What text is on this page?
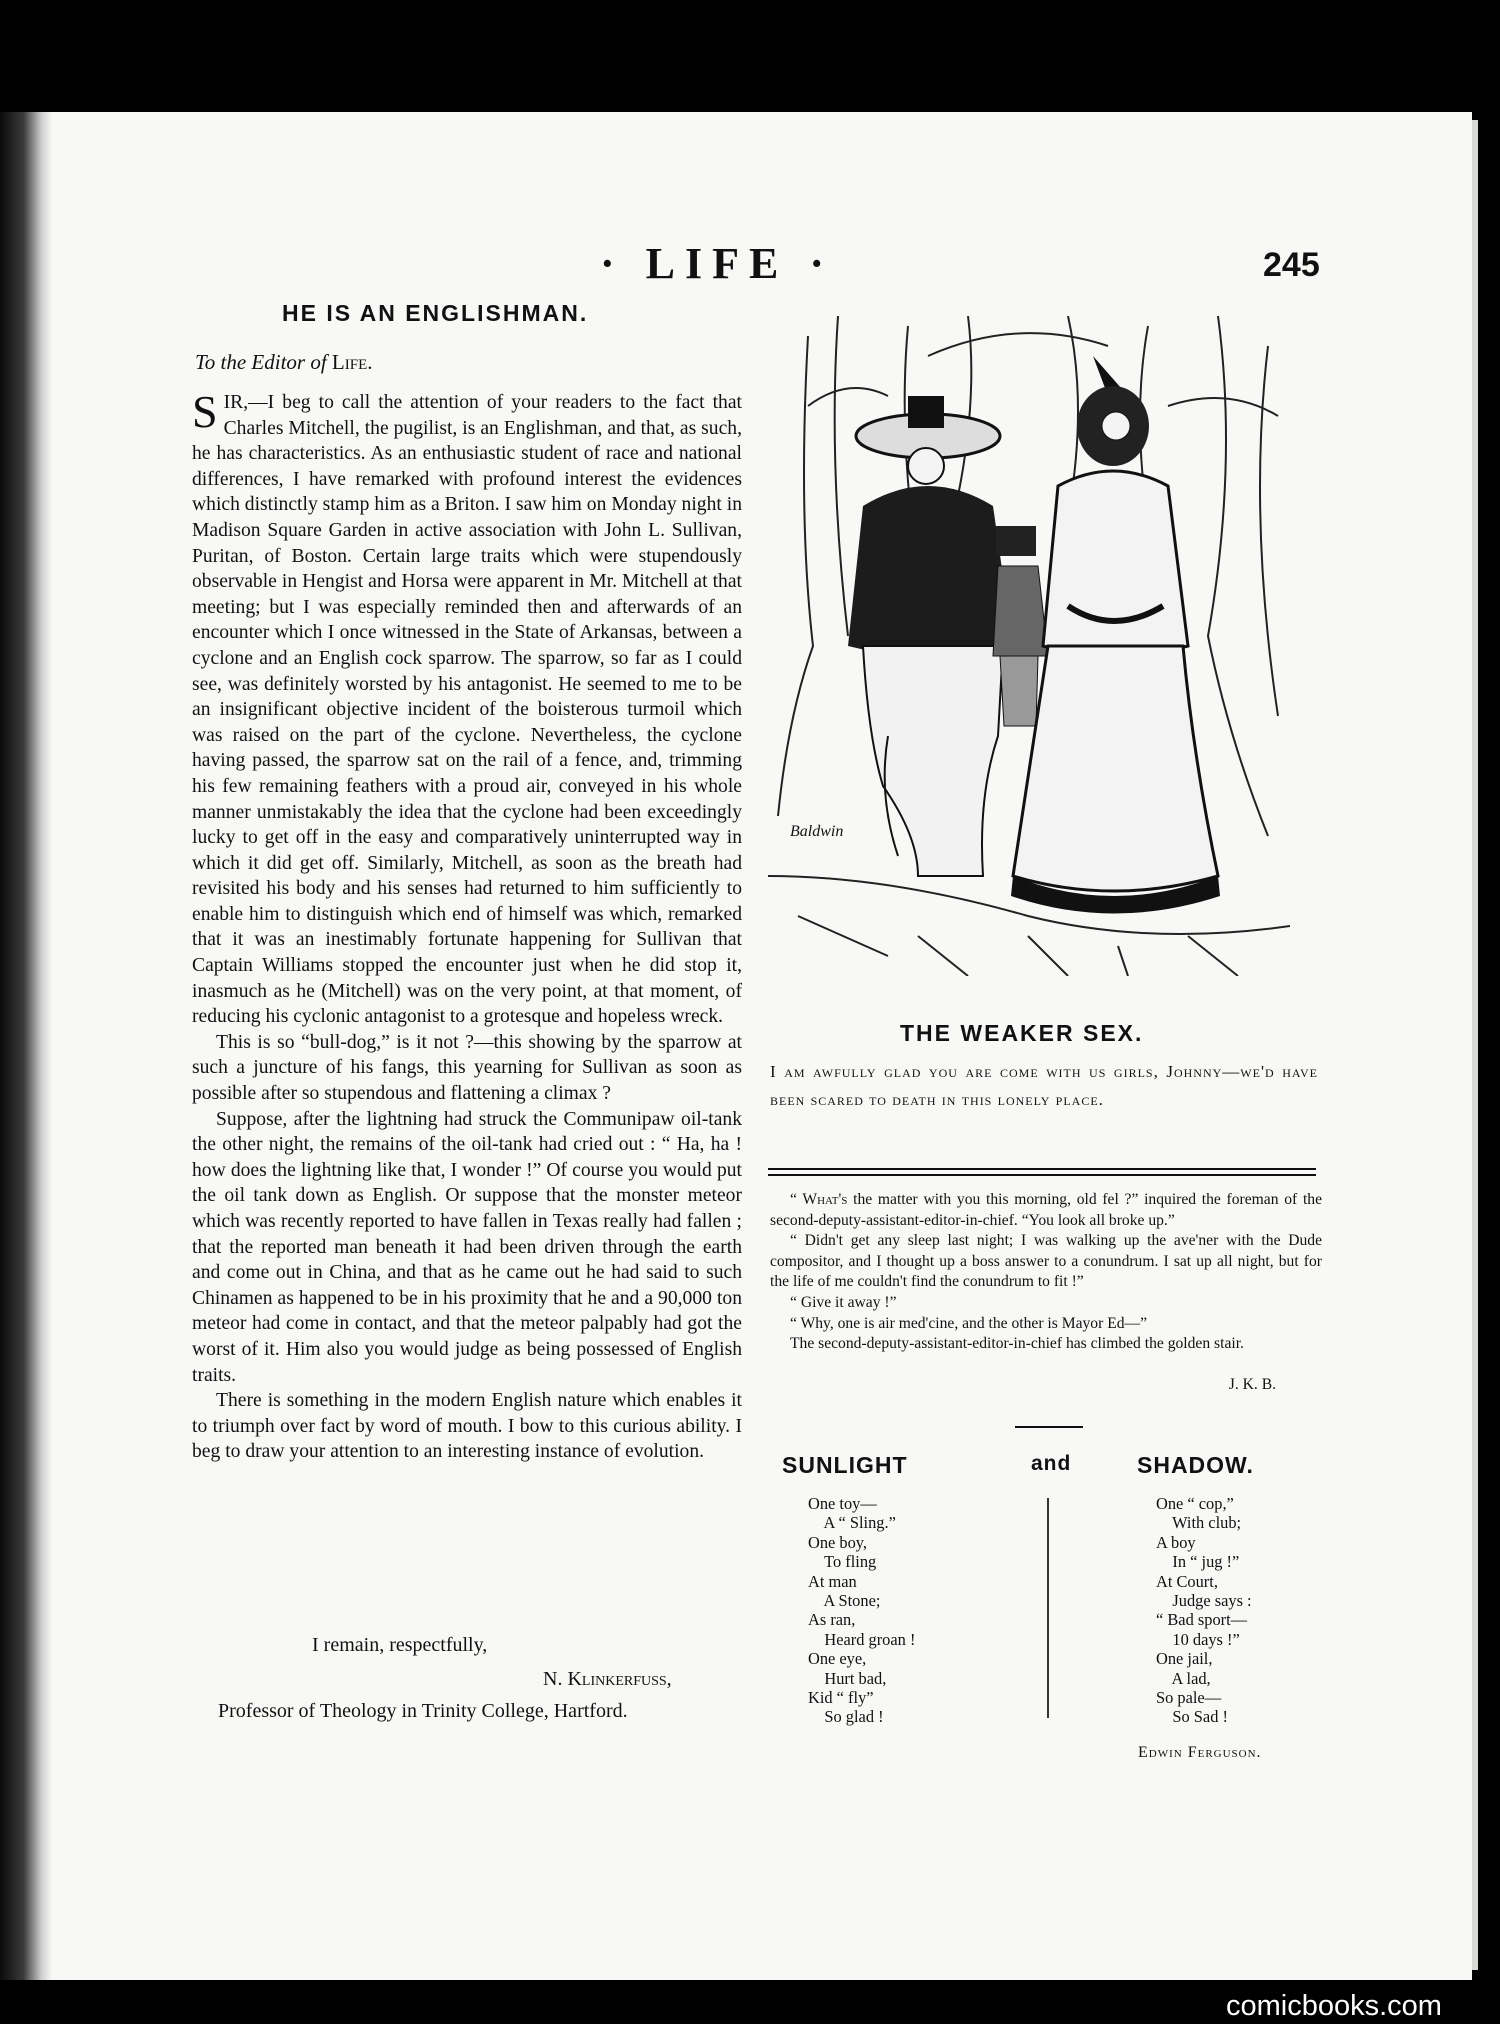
· LIFE ·	245
HE IS AN ENGLISHMAN.
To the Editor of Life.

SIR,—I beg to call the attention of your readers to the fact that Charles Mitchell, the pugilist, is an Englishman, and that, as such, he has characteristics. As an enthusiastic student of race and national differences, I have remarked with profound interest the evidences which distinctly stamp him as a Briton. I saw him on Monday night in Madison Square Garden in active association with John L. Sullivan, Puritan, of Boston. Certain large traits which were stupendously observable in Hengist and Horsa were apparent in Mr. Mitchell at that meeting; but I was especially reminded then and afterwards of an encounter which I once witnessed in the State of Arkansas, between a cyclone and an English cock sparrow. The sparrow, so far as I could see, was definitely worsted by his antagonist. He seemed to me to be an insignificant objective incident of the boisterous turmoil which was raised on the part of the cyclone. Nevertheless, the cyclone having passed, the sparrow sat on the rail of a fence, and, trimming his few remaining feathers with a proud air, conveyed in his whole manner unmistakably the idea that the cyclone had been exceedingly lucky to get off in the easy and comparatively uninterrupted way in which it did get off. Similarly, Mitchell, as soon as the breath had revisited his body and his senses had returned to him sufficiently to enable him to distinguish which end of himself was which, remarked that it was an inestimably fortunate happening for Sullivan that Captain Williams stopped the encounter just when he did stop it, inasmuch as he (Mitchell) was on the very point, at that moment, of reducing his cyclonic antagonist to a grotesque and hopeless wreck.

This is so “bull-dog,” is it not ?—this showing by the sparrow at such a juncture of his fangs, this yearning for Sullivan as soon as possible after so stupendous and flattening a climax ?

Suppose, after the lightning had struck the Communipaw oil-tank the other night, the remains of the oil-tank had cried out : “ Ha, ha ! how does the lightning like that, I wonder !” Of course you would put the oil tank down as English. Or suppose that the monster meteor which was recently reported to have fallen in Texas really had fallen ; that the reported man beneath it had been driven through the earth and come out in China, and that as he came out he had said to such Chinamen as happened to be in his proximity that he and a 90,000 ton meteor had come in contact, and that the meteor palpably had got the worst of it. Him also you would judge as being possessed of English traits.

There is something in the modern English nature which enables it to triumph over fact by word of mouth. I bow to this curious ability. I beg to draw your attention to an interesting instance of evolution.

I remain, respectfully,
N. Klinkerfuss,
Professor of Theology in Trinity College, Hartford.
Baldwin
THE WEAKER SEX.
I am awfully glad you are come with us girls, Johnny—we'd have been scared to death in this lonely place.

“ What's the matter with you this morning, old fel ?” inquired the foreman of the second-deputy-assistant-editor-in-chief. “You look all broke up.”

“ Didn't get any sleep last night; I was walking up the ave'ner with the Dude compositor, and I thought up a boss answer to a conundrum. I sat up all night, but for the life of me couldn't find the conundrum to fit !”

“ Give it away !”

“ Why, one is air med'cine, and the other is Mayor Ed—”

The second-deputy-assistant-editor-in-chief has climbed the golden stair.

J. K. B.
SUNLIGHT	and	SHADOW.
One toy—
A “ Sling.”
One boy,
To fling
At man
A Stone;
As ran,
Heard groan !
One eye,
Hurt bad,
Kid “ fly”
So glad !
One “ cop,”
With club;
A boy
In “ jug !”
At Court,
Judge says :
“ Bad sport—
10 days !”
One jail,
A lad,
So pale—
So Sad !
Edwin Ferguson.
comicbooks.com
